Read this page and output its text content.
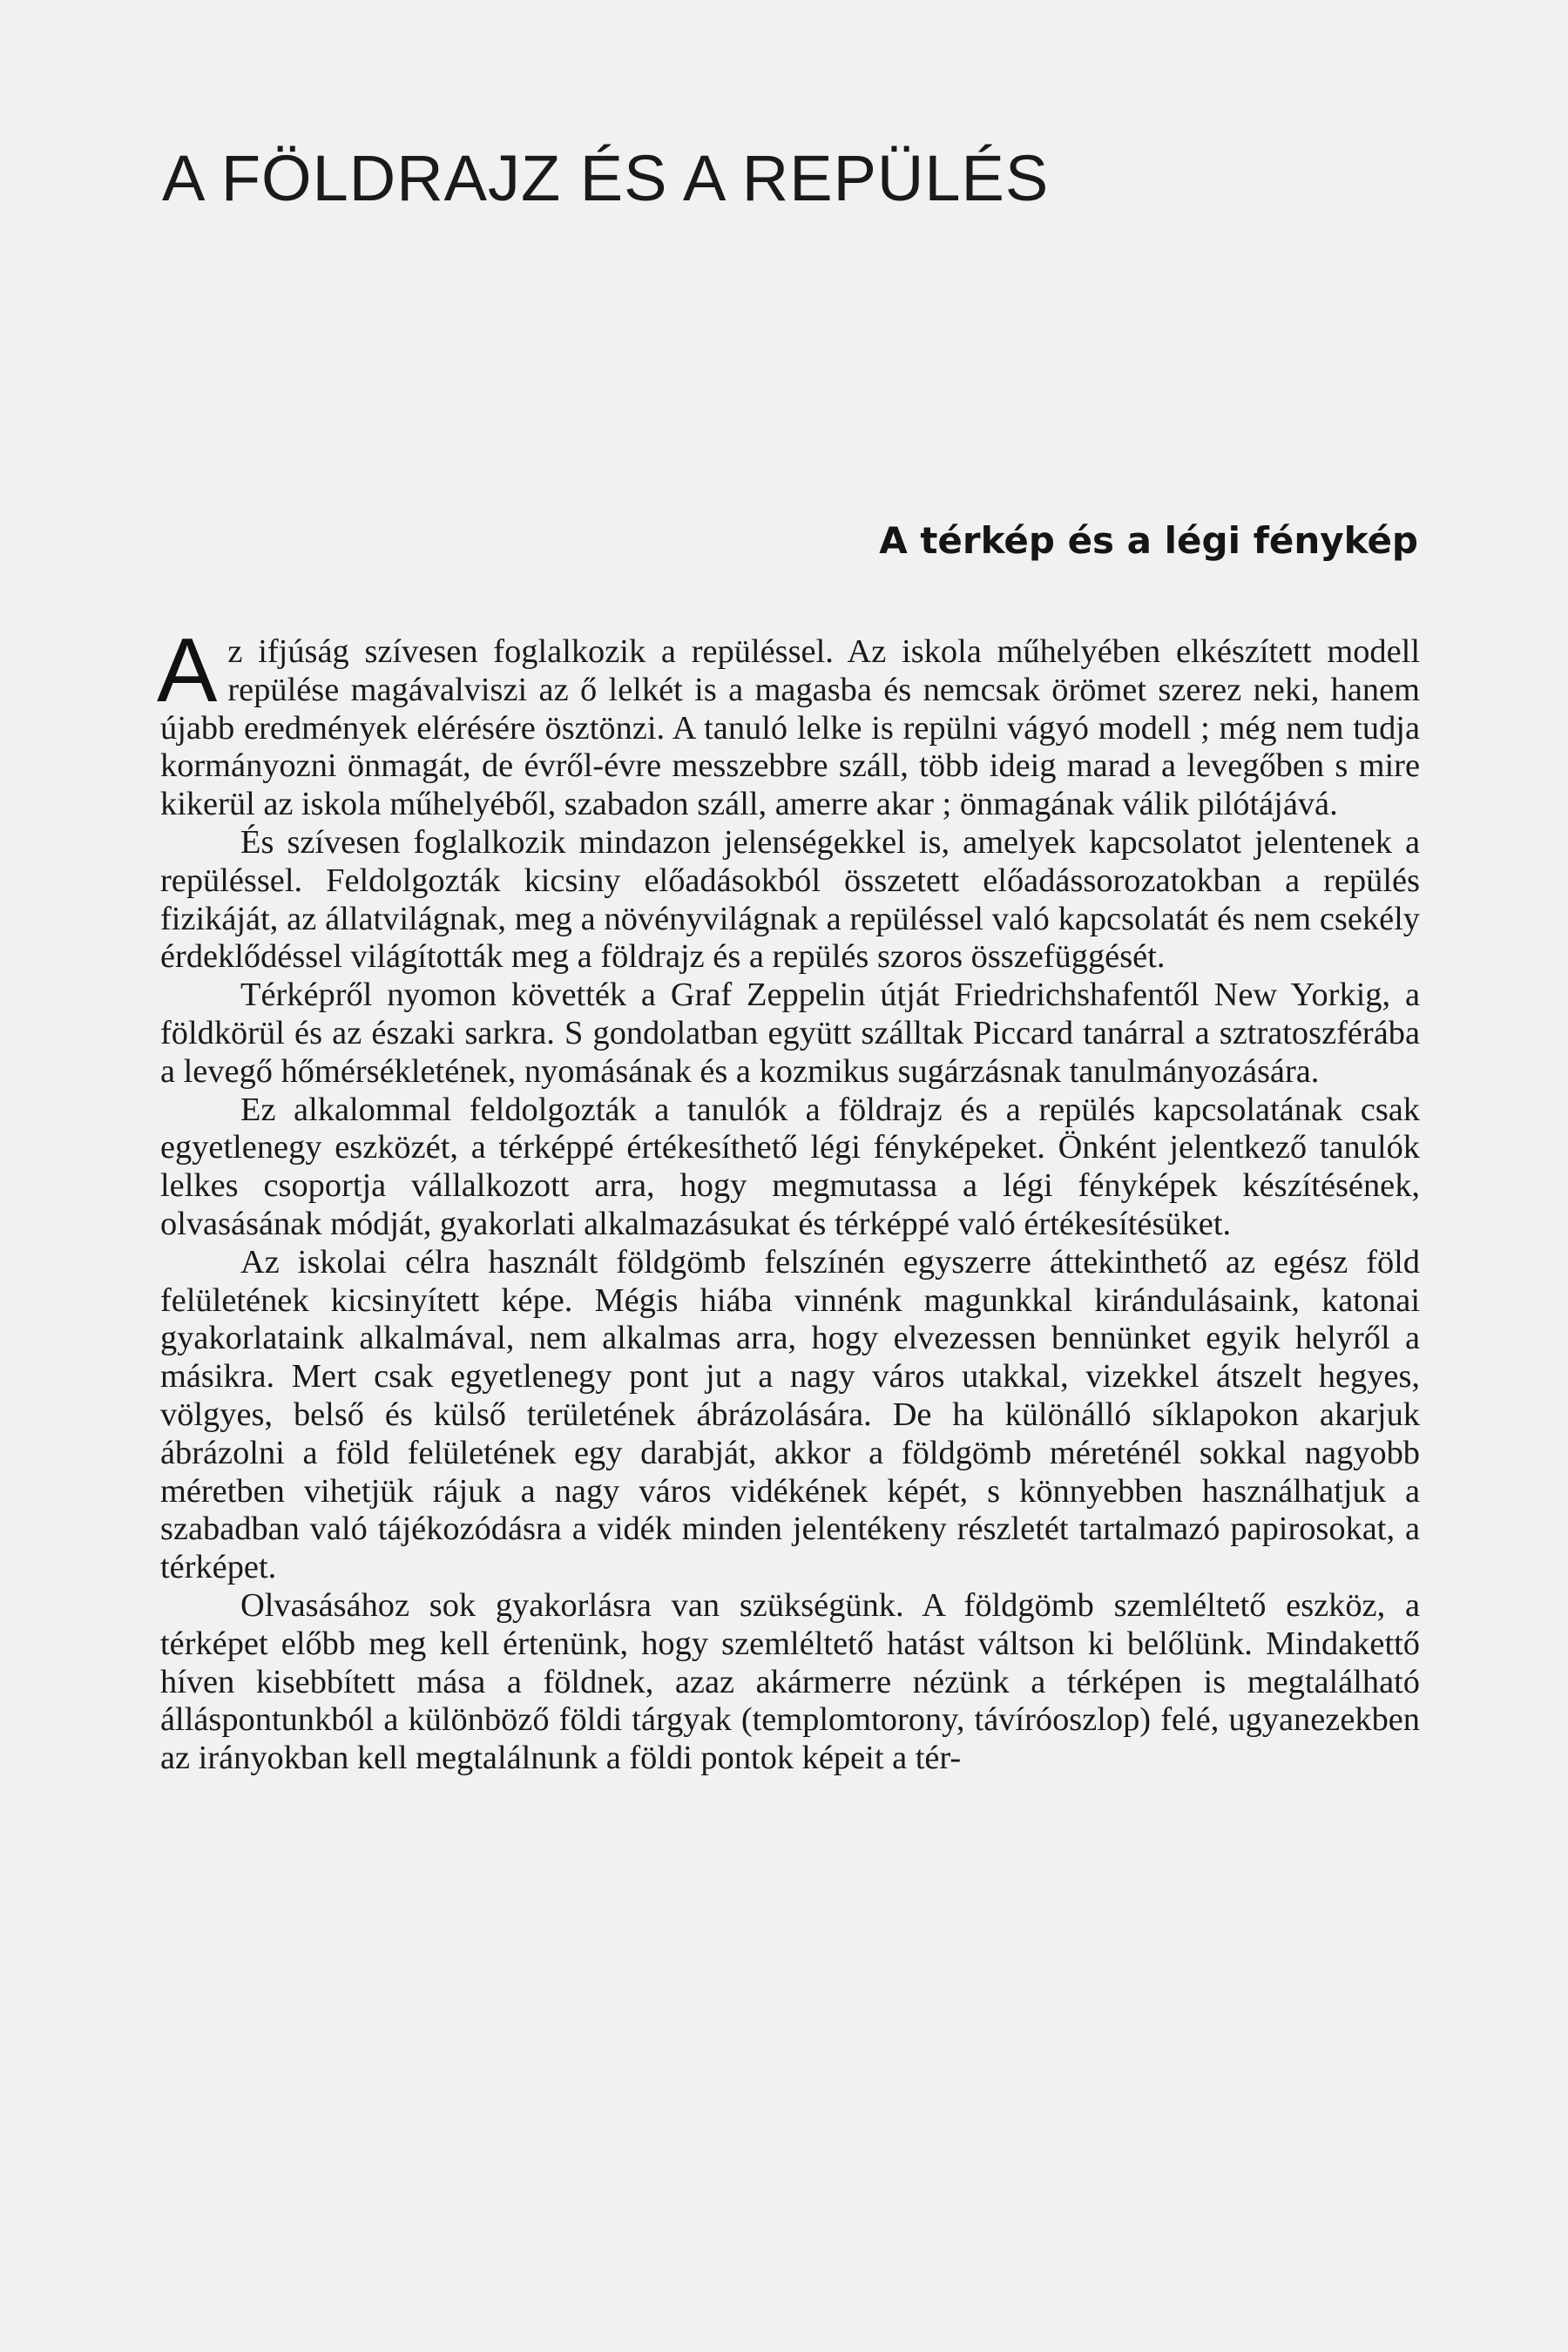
A FÖLDRAJZ ÉS A REPÜLÉS
A térkép és a légi fénykép

Az ifjúság szívesen foglalkozik a repüléssel. Az iskola műhelyében elkészített modell repülése magávalviszi az ő lelkét is a magasba és nemcsak örömet szerez neki, hanem újabb eredmények elérésére ösztönzi. A tanuló lelke is repülni vágyó modell ; még nem tudja kormányozni önmagát, de évről-évre messzebbre száll, több ideig marad a levegőben s mire kikerül az iskola műhelyéből, szabadon száll, amerre akar ; önmagának válik pilótájává.

És szívesen foglalkozik mindazon jelenségekkel is, amelyek kapcsolatot jelentenek a repüléssel. Feldolgozták kicsiny előadásokból összetett előadássorozatokban a repülés fizikáját, az állatvilágnak, meg a növényvilágnak a repüléssel való kapcsolatát és nem csekély érdeklődéssel világították meg a földrajz és a repülés szoros összefüggését.

Térképről nyomon követték a Graf Zeppelin útját Friedrichshafentől New Yorkig, a földkörül és az északi sarkra. S gondolatban együtt szálltak Piccard tanárral a sztratoszférába a levegő hőmérsékletének, nyomásának és a kozmikus sugárzásnak tanulmányozására.

Ez alkalommal feldolgozták a tanulók a földrajz és a repülés kapcsolatának csak egyetlenegy eszközét, a térképpé értékesíthető légi fényképeket. Önként jelentkező tanulók lelkes csoportja vállalkozott arra, hogy megmutassa a légi fényképek készítésének, olvasásának módját, gyakorlati alkalmazásukat és térképpé való értékesítésüket.

Az iskolai célra használt földgömb felszínén egyszerre áttekinthető az egész föld felületének kicsinyített képe. Mégis hiába vinnénk magunkkal kirándulásaink, katonai gyakorlataink alkalmával, nem alkalmas arra, hogy elvezessen bennünket egyik helyről a másikra. Mert csak egyetlenegy pont jut a nagy város utakkal, vizekkel átszelt hegyes, völgyes, belső és külső területének ábrázolására. De ha különálló síklapokon akarjuk ábrázolni a föld felületének egy darabját, akkor a földgömb méreténél sokkal nagyobb méretben vihetjük rájuk a nagy város vidékének képét, s könnyebben használhatjuk a szabadban való tájékozódásra a vidék minden jelentékeny részletét tartalmazó papirosokat, a térképet.

Olvasásához sok gyakorlásra van szükségünk. A földgömb szemléltető eszköz, a térképet előbb meg kell értenünk, hogy szemléltető hatást váltson ki belőlünk. Mindakettő híven kisebbített mása a földnek, azaz akármerre nézünk a térképen is megtalálható álláspontunkból a különböző földi tárgyak (templomtorony, távíróoszlop) felé, ugyanezekben az irányokban kell megtalálnunk a földi pontok képeit a tér-
